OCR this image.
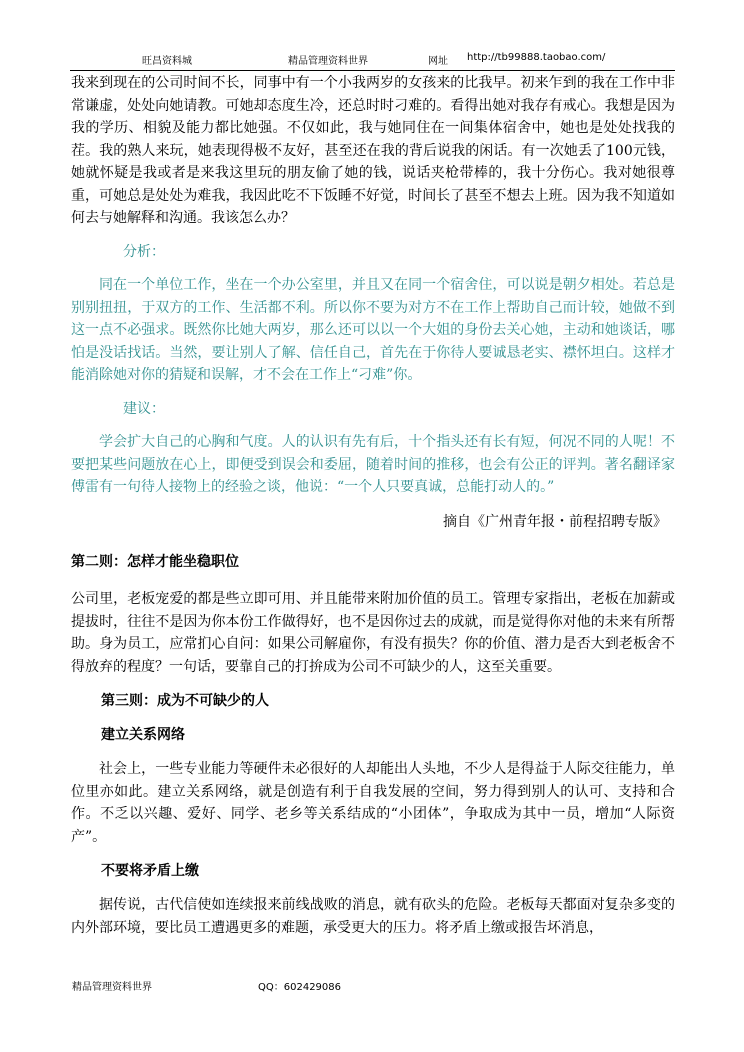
旺昌资料城	精品管理资料世界	网址 http://tb99888.taobao.com/

我来到现在的公司时间不长，同事中有一个小我两岁的女孩来的比我早。初来乍到的我在工作中非常谦虚，处处向她请教。可她却态度生冷，还总时时刁难的。看得出她对我存有戒心。我想是因为我的学历、相貌及能力都比她强。不仅如此，我与她同住在一间集体宿舍中，她也是处处找我的茬。我的熟人来玩，她表现得极不友好，甚至还在我的背后说我的闲话。有一次她丢了100元钱，她就怀疑是我或者是来我这里玩的朋友偷了她的钱，说话夹枪带棒的，我十分伤心。我对她很尊重，可她总是处处为难我，我因此吃不下饭睡不好觉，时间长了甚至不想去上班。因为我不知道如何去与她解释和沟通。我该怎么办？

分析：

同在一个单位工作，坐在一个办公室里，并且又在同一个宿舍住，可以说是朝夕相处。若总是别别扭扭，于双方的工作、生活都不利。所以你不要为对方不在工作上帮助自己而计较，她做不到这一点不必强求。既然你比她大两岁，那么还可以以一个大姐的身份去关心她，主动和她谈话，哪怕是没话找话。当然，要让别人了解、信任自己，首先在于你待人要诚恳老实、襟怀坦白。这样才能消除她对你的猜疑和误解，才不会在工作上“刁难”你。

建议：

学会扩大自己的心胸和气度。人的认识有先有后，十个指头还有长有短，何况不同的人呢！不要把某些问题放在心上，即便受到误会和委屈，随着时间的推移，也会有公正的评判。著名翻译家傅雷有一句待人接物上的经验之谈，他说：“一个人只要真诚，总能打动人的。”

摘自《广州青年报・前程招聘专版》
第二则：怎样才能坐稳职位

公司里，老板宠爱的都是些立即可用、并且能带来附加价值的员工。管理专家指出，老板在加薪或提拔时，往往不是因为你本份工作做得好，也不是因你过去的成就，而是觉得你对他的未来有所帮助。身为员工，应常扪心自问：如果公司解雇你，有没有损失？你的价值、潜力是否大到老板舍不得放弃的程度？一句话，要靠自己的打拚成为公司不可缺少的人，这至关重要。

第三则：成为不可缺少的人
建立关系网络

社会上，一些专业能力等硬件未必很好的人却能出人头地，不少人是得益于人际交往能力，单位里亦如此。建立关系网络，就是创造有利于自我发展的空间，努力得到别人的认可、支持和合作。不乏以兴趣、爱好、同学、老乡等关系结成的“小团体”，争取成为其中一员，增加“人际资产”。

不要将矛盾上缴

据传说，古代信使如连续报来前线战败的消息，就有砍头的危险。老板每天都面对复杂多变的内外部环境，要比员工遭遇更多的难题，承受更大的压力。将矛盾上缴或报告坏消息，

精品管理资料世界	QQ：602429086
